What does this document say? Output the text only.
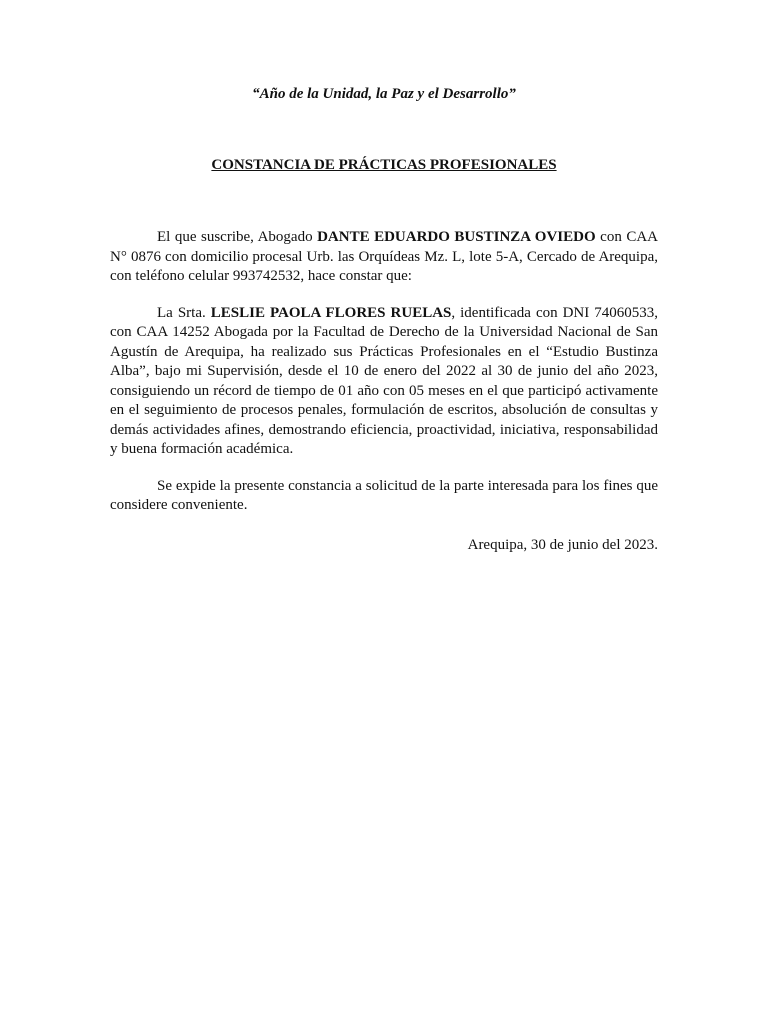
“Año de la Unidad, la Paz y el Desarrollo”

CONSTANCIA DE PRÁCTICAS PROFESIONALES

El que suscribe, Abogado DANTE EDUARDO BUSTINZA OVIEDO con CAA N° 0876 con domicilio procesal Urb. las Orquídeas Mz. L, lote 5-A, Cercado de Arequipa, con teléfono celular 993742532, hace constar que:

La Srta. LESLIE PAOLA FLORES RUELAS, identificada con DNI 74060533, con CAA 14252 Abogada por la Facultad de Derecho de la Universidad Nacional de San Agustín de Arequipa, ha realizado sus Prácticas Profesionales en el “Estudio Bustinza Alba”, bajo mi Supervisión, desde el 10 de enero del 2022 al 30 de junio del año 2023, consiguiendo un récord de tiempo de 01 año con 05 meses en el que participó activamente en el seguimiento de procesos penales, formulación de escritos, absolución de consultas y demás actividades afines, demostrando eficiencia, proactividad, iniciativa, responsabilidad y buena formación académica.

Se expide la presente constancia a solicitud de la parte interesada para los fines que considere conveniente.

Arequipa, 30 de junio del 2023.
